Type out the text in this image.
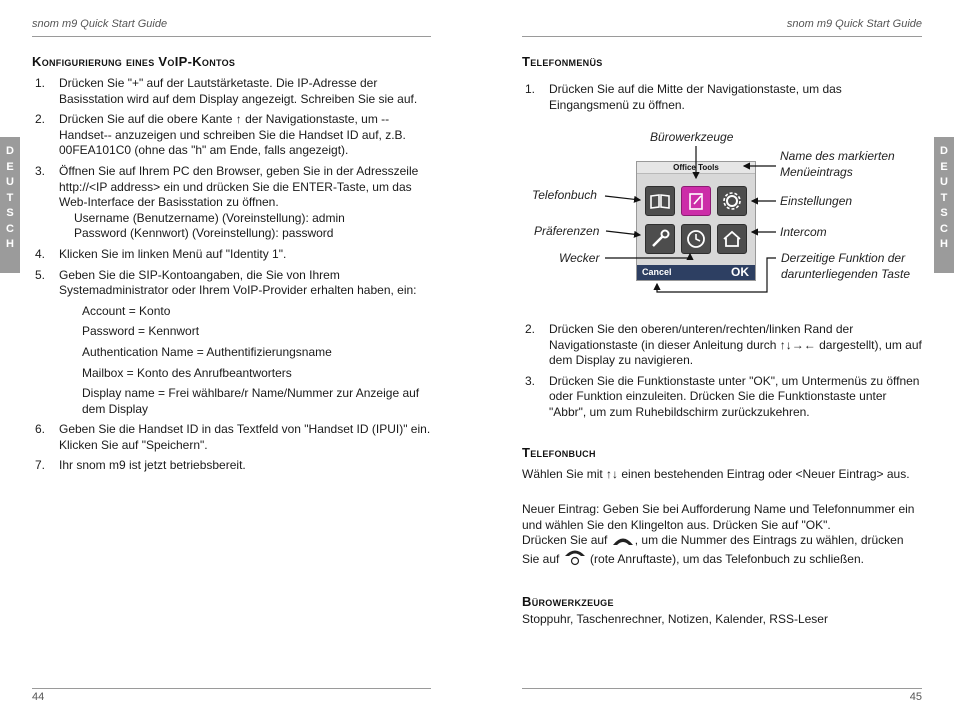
snom m9 Quick Start Guide	snom m9 Quick Start Guide
D
E
U
T
S
C
H
D
E
U
T
S
C
H
Konfigurierung eines VoIP-Kontos
1. Drücken Sie "+" auf der Lautstärketaste. Die IP-Adresse der Basisstation wird auf dem Display angezeigt. Schreiben Sie sie auf.
2. Drücken Sie auf die obere Kante ↑ der Navigationstaste, um --Handset-- anzuzeigen und schreiben Sie die Handset ID auf, z.B. 00FEA101C0 (ohne das "h" am Ende, falls angezeigt).
3. Öffnen Sie auf Ihrem PC den Browser, geben Sie in der Adresszeile http://<IP address> ein und drücken Sie die ENTER-Taste, um das Web-Interface der Basisstation zu öffnen.
Username (Benutzername) (Voreinstellung): admin
Password (Kennwort) (Voreinstellung): password
4. Klicken Sie im linken Menü auf "Identity 1".
5. Geben Sie die SIP-Kontoangaben, die Sie von Ihrem Systemadministrator oder Ihrem VoIP-Provider erhalten haben, ein:
Account = Konto
Password = Kennwort
Authentication Name = Authentifizierungsname
Mailbox = Konto des Anrufbeantworters
Display name = Frei wählbare/r Name/Nummer zur Anzeige auf dem Display
6. Geben Sie die Handset ID in das Textfeld von "Handset ID (IPUI)" ein. Klicken Sie auf "Speichern".
7. Ihr snom m9 ist jetzt betriebsbereit.
Telefonmenüs
1. Drücken Sie auf die Mitte der Navigationstaste, um das Eingangsmenü zu öffnen.
Bürowerkzeuge
Name des markierten Menüeintrags
Telefonbuch	Einstellungen
Präferenzen	Intercom
Wecker	Derzeitige Funktion der darunterliegenden Taste
Office Tools
Cancel	OK
2. Drücken Sie den oberen/unteren/rechten/linken Rand der Navigationstaste (in dieser Anleitung durch ↑↓→← dargestellt), um auf dem Display zu navigieren.
3. Drücken Sie die Funktionstaste unter "OK", um Untermenüs zu öffnen oder Funktion einzuleiten. Drücken Sie die Funktionstaste unter "Abbr", um zum Ruhebildschirm zurückzukehren.
Telefonbuch
Wählen Sie mit ↑↓ einen bestehenden Eintrag oder <Neuer Eintrag> aus.
Neuer Eintrag: Geben Sie bei Aufforderung Name und Telefonnummer ein und wählen Sie den Klingelton aus. Drücken Sie auf "OK".
Drücken Sie auf , um die Nummer des Eintrags zu wählen, drücken
Sie auf	(rote Anruftaste), um das Telefonbuch zu schließen.
Bürowerkzeuge
Stoppuhr, Taschenrechner, Notizen, Kalender, RSS-Leser
44	45
